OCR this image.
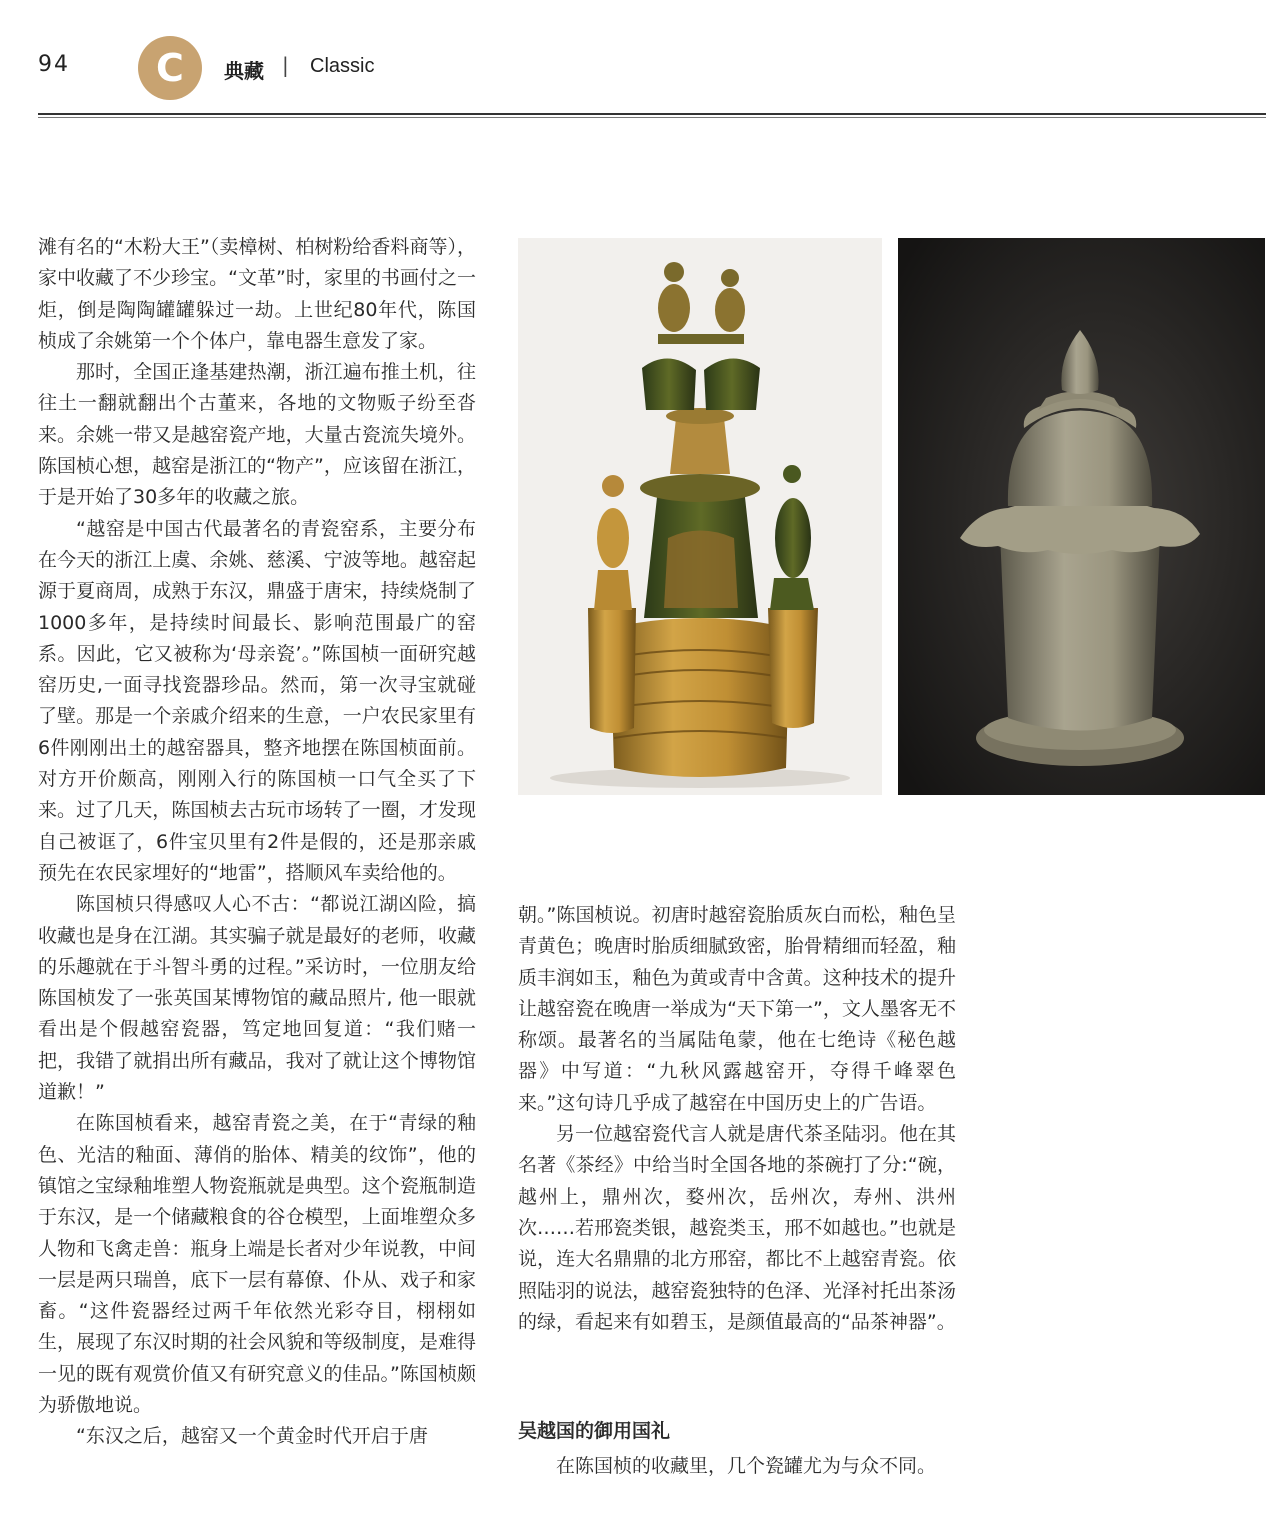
94 C 典藏 | Classic

滩有名的“木粉大王”（卖樟树、柏树粉给香料商等），家中收藏了不少珍宝。“文革”时，家里的书画付之一炬，倒是陶陶罐罐躲过一劫。上世纪80年代，陈国桢成了余姚第一个个体户，靠电器生意发了家。

那时，全国正逢基建热潮，浙江遍布推土机，往往土一翻就翻出个古董来，各地的文物贩子纷至沓来。余姚一带又是越窑瓷产地，大量古瓷流失境外。陈国桢心想，越窑是浙江的“物产”，应该留在浙江，于是开始了30多年的收藏之旅。

“越窑是中国古代最著名的青瓷窑系，主要分布在今天的浙江上虞、余姚、慈溪、宁波等地。越窑起源于夏商周，成熟于东汉，鼎盛于唐宋，持续烧制了1000多年，是持续时间最长、影响范围最广的窑系。因此，它又被称为‘母亲瓷’。”陈国桢一面研究越窑历史,一面寻找瓷器珍品。然而，第一次寻宝就碰了壁。那是一个亲戚介绍来的生意，一户农民家里有6件刚刚出土的越窑器具，整齐地摆在陈国桢面前。对方开价颇高，刚刚入行的陈国桢一口气全买了下来。过了几天，陈国桢去古玩市场转了一圈，才发现自己被诓了，6件宝贝里有2件是假的，还是那亲戚预先在农民家埋好的“地雷”，搭顺风车卖给他的。

陈国桢只得感叹人心不古：“都说江湖凶险，搞收藏也是身在江湖。其实骗子就是最好的老师，收藏的乐趣就在于斗智斗勇的过程。”采访时，一位朋友给陈国桢发了一张英国某博物馆的藏品照片, 他一眼就看出是个假越窑瓷器，笃定地回复道：“我们赌一把，我错了就捐出所有藏品，我对了就让这个博物馆道歉！”

在陈国桢看来，越窑青瓷之美，在于“青绿的釉色、光洁的釉面、薄俏的胎体、精美的纹饰”，他的镇馆之宝绿釉堆塑人物瓷瓶就是典型。这个瓷瓶制造于东汉，是一个储藏粮食的谷仓模型，上面堆塑众多人物和飞禽走兽：瓶身上端是长者对少年说教，中间一层是两只瑞兽，底下一层有幕僚、仆从、戏子和家畜。“这件瓷器经过两千年依然光彩夺目，栩栩如生，展现了东汉时期的社会风貌和等级制度，是难得一见的既有观赏价值又有研究意义的佳品。”陈国桢颇为骄傲地说。

“东汉之后，越窑又一个黄金时代开启于唐

朝。”陈国桢说。初唐时越窑瓷胎质灰白而松，釉色呈青黄色；晚唐时胎质细腻致密，胎骨精细而轻盈，釉质丰润如玉，釉色为黄或青中含黄。这种技术的提升让越窑瓷在晚唐一举成为“天下第一”，文人墨客无不称颂。最著名的当属陆龟蒙，他在七绝诗《秘色越器》中写道：“九秋风露越窑开，夺得千峰翠色来。”这句诗几乎成了越窑在中国历史上的广告语。

另一位越窑瓷代言人就是唐代茶圣陆羽。他在其名著《茶经》中给当时全国各地的茶碗打了分:“碗，越州上，鼎州次，婺州次，岳州次，寿州、洪州次……若邢瓷类银，越瓷类玉，邢不如越也。”也就是说，连大名鼎鼎的北方邢窑，都比不上越窑青瓷。依照陆羽的说法，越窑瓷独特的色泽、光泽衬托出茶汤的绿，看起来有如碧玉，是颜值最高的“品茶神器”。

吴越国的御用国礼

在陈国桢的收藏里，几个瓷罐尤为与众不同。
